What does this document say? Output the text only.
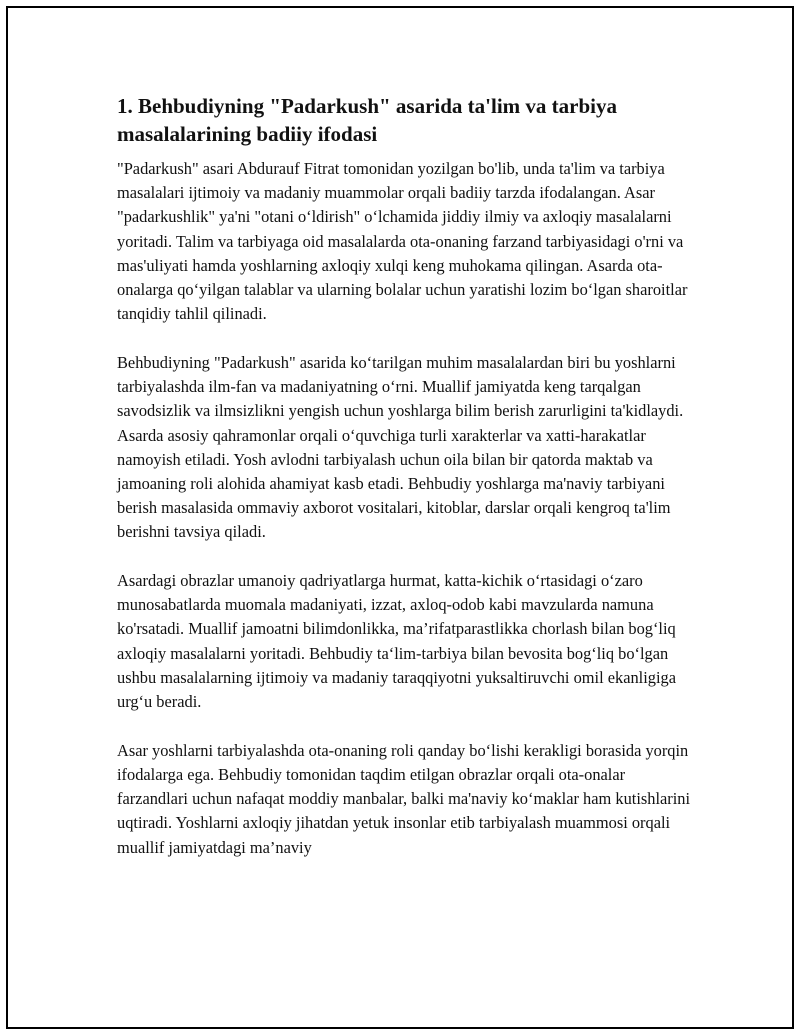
1. Behbudiyning "Padarkush" asarida ta'lim va tarbiya masalalarining badiiy ifodasi

"Padarkush" asari Abdurauf Fitrat tomonidan yozilgan bo'lib, unda ta'lim va tarbiya masalalari ijtimoiy va madaniy muammolar orqali badiiy tarzda ifodalangan. Asar "padarkushlik" ya'ni "otani o‘ldirish" o‘lchamida jiddiy ilmiy va axloqiy masalalarni yoritadi. Talim va tarbiyaga oid masalalarda ota-onaning farzand tarbiyasidagi o'rni va mas'uliyati hamda yoshlarning axloqiy xulqi keng muhokama qilingan. Asarda ota-onalarga qo‘yilgan talablar va ularning bolalar uchun yaratishi lozim bo‘lgan sharoitlar tanqidiy tahlil qilinadi.

Behbudiyning "Padarkush" asarida ko‘tarilgan muhim masalalardan biri bu yoshlarni tarbiyalashda ilm-fan va madaniyatning o‘rni. Muallif jamiyatda keng tarqalgan savodsizlik va ilmsizlikni yengish uchun yoshlarga bilim berish zarurligini ta'kidlaydi. Asarda asosiy qahramonlar orqali o‘quvchiga turli xarakterlar va xatti-harakatlar namoyish etiladi. Yosh avlodni tarbiyalash uchun oila bilan bir qatorda maktab va jamoaning roli alohida ahamiyat kasb etadi. Behbudiy yoshlarga ma'naviy tarbiyani berish masalasida ommaviy axborot vositalari, kitoblar, darslar orqali kengroq ta'lim berishni tavsiya qiladi.

Asardagi obrazlar umanoiy qadriyatlarga hurmat, katta-kichik o‘rtasidagi o‘zaro munosabatlarda muomala madaniyati, izzat, axloq-odob kabi mavzularda namuna ko'rsatadi. Muallif jamoatni bilimdonlikka, ma’rifatparastlikka chorlash bilan bog‘liq axloqiy masalalarni yoritadi. Behbudiy ta‘lim-tarbiya bilan bevosita bog‘liq bo‘lgan ushbu masalalarning ijtimoiy va madaniy taraqqiyotni yuksaltiruvchi omil ekanligiga urg‘u beradi.

Asar yoshlarni tarbiyalashda ota-onaning roli qanday bo‘lishi kerakligi borasida yorqin ifodalarga ega. Behbudiy tomonidan taqdim etilgan obrazlar orqali ota-onalar farzandlari uchun nafaqat moddiy manbalar, balki ma'naviy ko‘maklar ham kutishlarini uqtiradi. Yoshlarni axloqiy jihatdan yetuk insonlar etib tarbiyalash muammosi orqali muallif jamiyatdagi ma’naviy
